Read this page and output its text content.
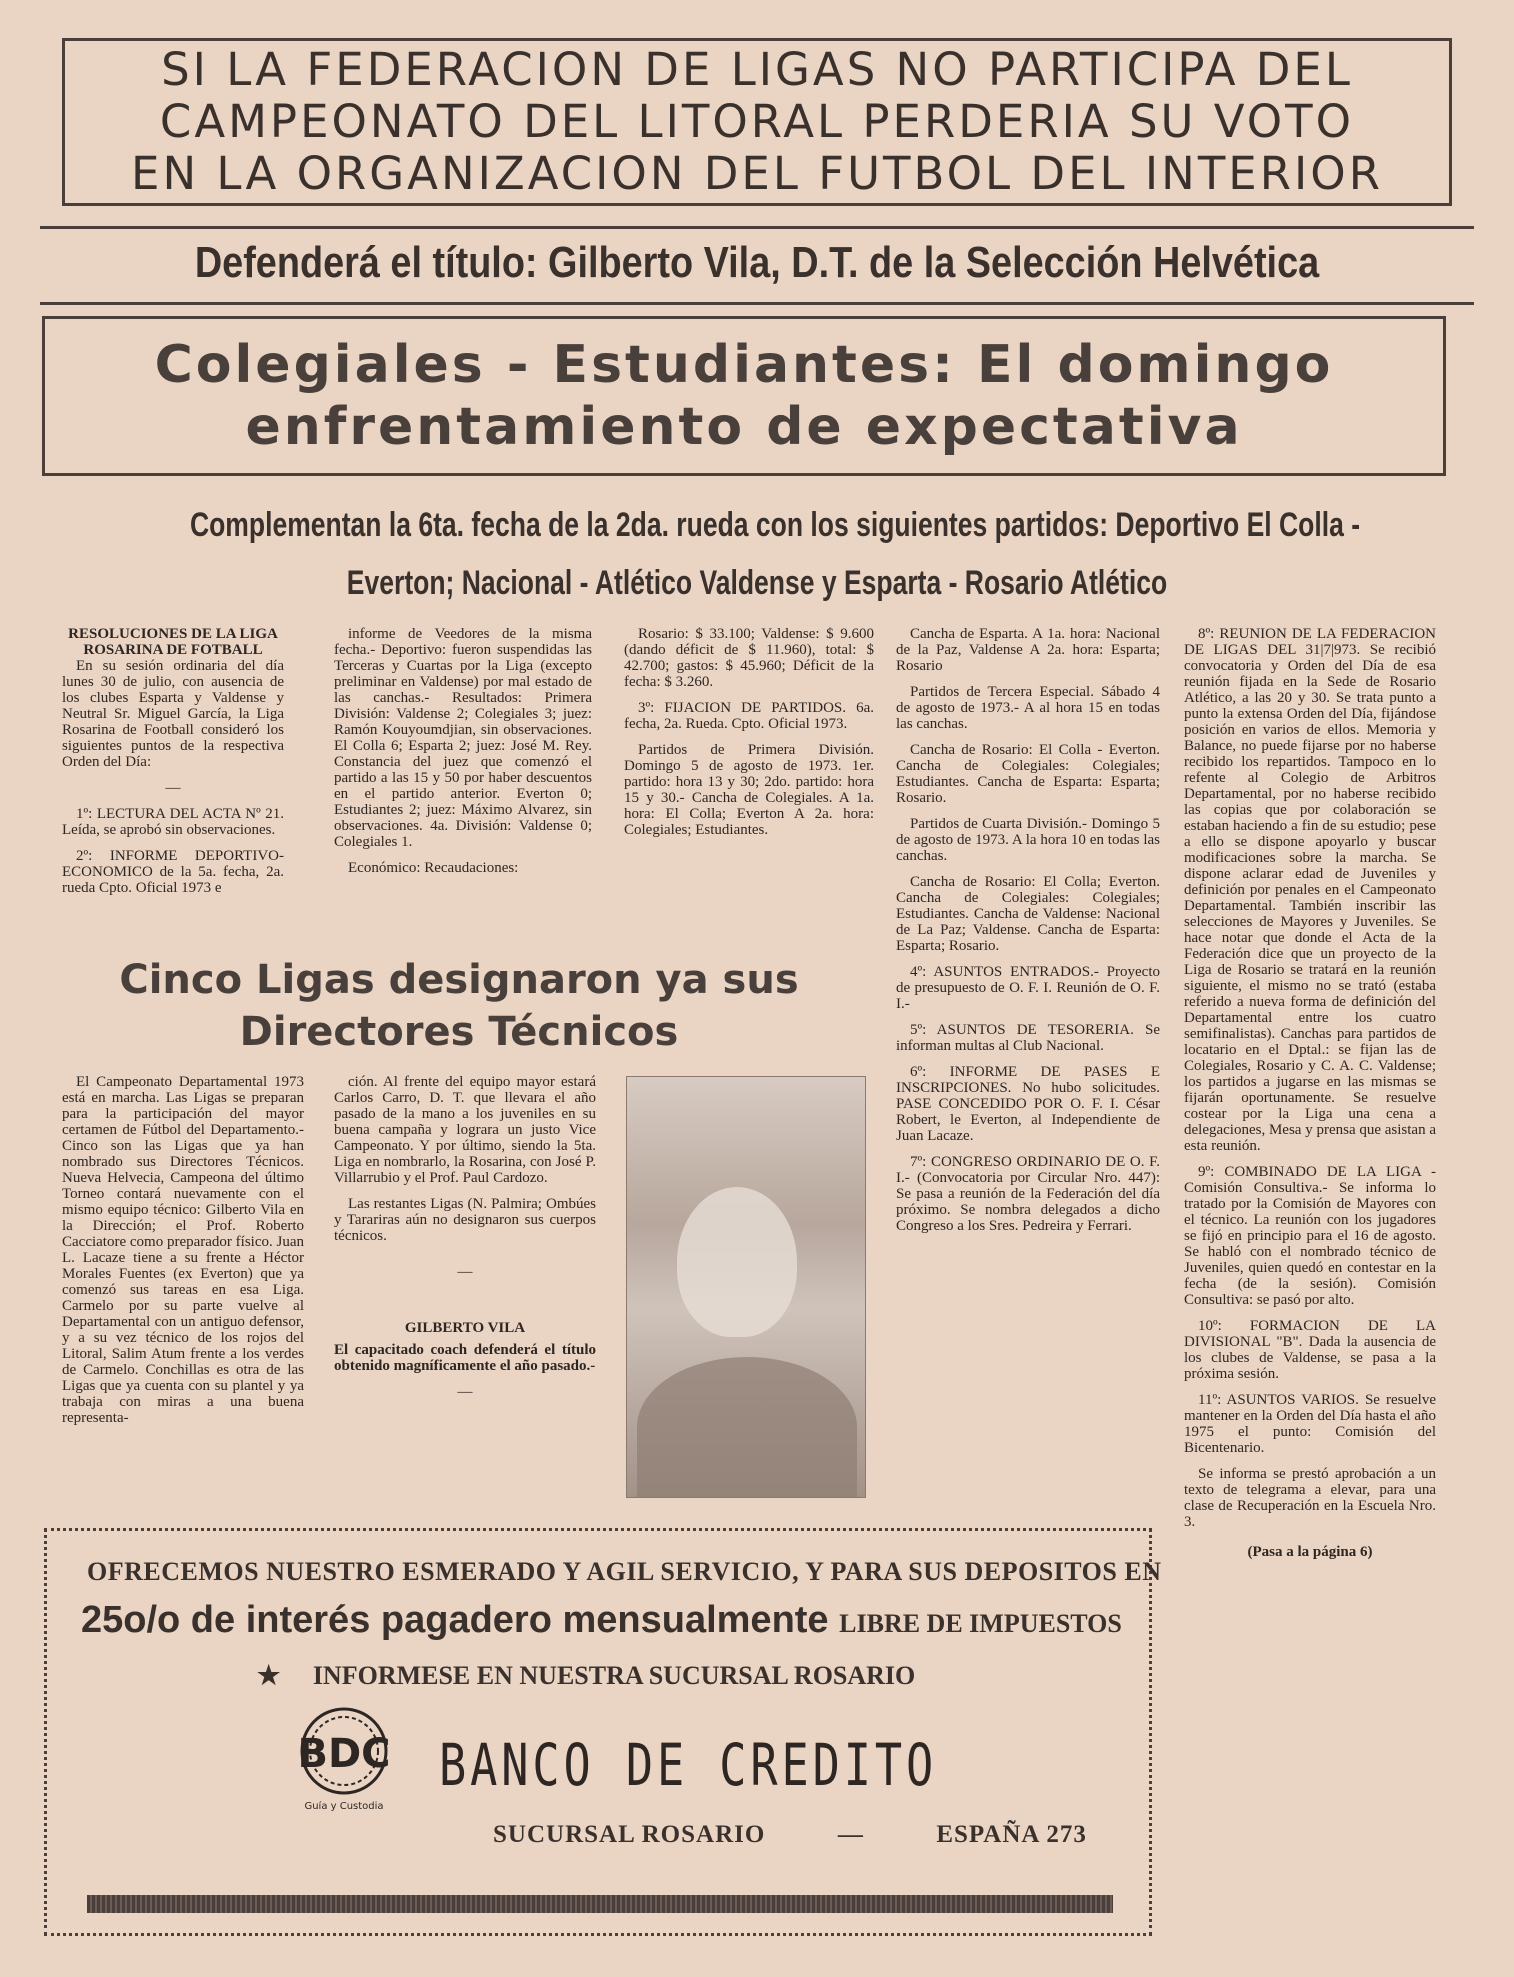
SI LA FEDERACION DE LIGAS NO PARTICIPA DEL
CAMPEONATO DEL LITORAL PERDERIA SU VOTO
EN LA ORGANIZACION DEL FUTBOL DEL INTERIOR
Defenderá el título: Gilberto Vila, D.T. de la Selección Helvética
Colegiales - Estudiantes: El domingo
enfrentamiento de expectativa
Complementan la 6ta. fecha de la 2da. rueda con los siguientes partidos: Deportivo El Colla -
Everton; Nacional - Atlético Valdense y Esparta - Rosario Atlético

RESOLUCIONES DE LA LIGA ROSARINA DE FOTBALL

En su sesión ordinaria del día lunes 30 de julio, con ausencia de los clubes Esparta y Valdense y Neutral Sr. Miguel García, la Liga Rosarina de Football consideró los siguientes puntos de la respectiva Orden del Día:

—

1º: LECTURA DEL ACTA Nº 21. Leída, se aprobó sin observaciones.

2º: INFORME DEPORTIVO-ECONOMICO de la 5a. fecha, 2a. rueda Cpto. Oficial 1973 e

informe de Veedores de la misma fecha.- Deportivo: fueron suspendidas las Terceras y Cuartas por la Liga (excepto preliminar en Valdense) por mal estado de las canchas.- Resultados: Primera División: Valdense 2; Colegiales 3; juez: Ramón Kouyoumdjian, sin observaciones. El Colla 6; Esparta 2; juez: José M. Rey. Constancia del juez que comenzó el partido a las 15 y 50 por haber descuentos en el partido anterior. Everton 0; Estudiantes 2; juez: Máximo Alvarez, sin observaciones. 4a. División: Valdense 0; Colegiales 1.

Económico: Recaudaciones:

Rosario: $ 33.100; Valdense: $ 9.600 (dando déficit de $ 11.960), total: $ 42.700; gastos: $ 45.960; Déficit de la fecha: $ 3.260.

3º: FIJACION DE PARTIDOS. 6a. fecha, 2a. Rueda. Cpto. Oficial 1973.

Partidos de Primera División. Domingo 5 de agosto de 1973. 1er. partido: hora 13 y 30; 2do. partido: hora 15 y 30.- Cancha de Colegiales. A 1a. hora: El Colla; Everton A 2a. hora: Colegiales; Estudiantes.

Cancha de Esparta. A 1a. hora: Nacional de la Paz, Valdense A 2a. hora: Esparta; Rosario

Partidos de Tercera Especial. Sábado 4 de agosto de 1973.- A al hora 15 en todas las canchas.

Cancha de Rosario: El Colla - Everton. Cancha de Colegiales: Colegiales; Estudiantes. Cancha de Esparta: Esparta; Rosario.

Partidos de Cuarta División.- Domingo 5 de agosto de 1973. A la hora 10 en todas las canchas.

Cancha de Rosario: El Colla; Everton. Cancha de Colegiales: Colegiales; Estudiantes. Cancha de Valdense: Nacional de La Paz; Valdense. Cancha de Esparta: Esparta; Rosario.

4º: ASUNTOS ENTRADOS.- Proyecto de presupuesto de O. F. I. Reunión de O. F. I.-

5º: ASUNTOS DE TESORERIA. Se informan multas al Club Nacional.

6º: INFORME DE PASES E INSCRIPCIONES. No hubo solicitudes. PASE CONCEDIDO POR O. F. I. César Robert, le Everton, al Independiente de Juan Lacaze.

7º: CONGRESO ORDINARIO DE O. F. I.- (Convocatoria por Circular Nro. 447): Se pasa a reunión de la Federación del día próximo. Se nombra delegados a dicho Congreso a los Sres. Pedreira y Ferrari.

8º: REUNION DE LA FEDERACION DE LIGAS DEL 31|7|973. Se recibió convocatoria y Orden del Día de esa reunión fijada en la Sede de Rosario Atlético, a las 20 y 30. Se trata punto a punto la extensa Orden del Día, fijándose posición en varios de ellos. Memoria y Balance, no puede fijarse por no haberse recibido los repartidos. Tampoco en lo refente al Colegio de Arbitros Departamental, por no haberse recibido las copias que por colaboración se estaban haciendo a fin de su estudio; pese a ello se dispone apoyarlo y buscar modificaciones sobre la marcha. Se dispone aclarar edad de Juveniles y definición por penales en el Campeonato Departamental. También inscribir las selecciones de Mayores y Juveniles. Se hace notar que donde el Acta de la Federación dice que un proyecto de la Liga de Rosario se tratará en la reunión siguiente, el mismo no se trató (estaba referido a nueva forma de definición del Departamental entre los cuatro semifinalistas). Canchas para partidos de locatario en el Dptal.: se fijan las de Colegiales, Rosario y C. A. C. Valdense; los partidos a jugarse en las mismas se fijarán oportunamente. Se resuelve costear por la Liga una cena a delegaciones, Mesa y prensa que asistan a esta reunión.

9º: COMBINADO DE LA LIGA - Comisión Consultiva.- Se informa lo tratado por la Comisión de Mayores con el técnico. La reunión con los jugadores se fijó en principio para el 16 de agosto. Se habló con el nombrado técnico de Juveniles, quien quedó en contestar en la fecha (de la sesión). Comisión Consultiva: se pasó por alto.

10º: FORMACION DE LA DIVISIONAL "B". Dada la ausencia de los clubes de Valdense, se pasa a la próxima sesión.

11º: ASUNTOS VARIOS. Se resuelve mantener en la Orden del Día hasta el año 1975 el punto: Comisión del Bicentenario.

Se informa se prestó aprobación a un texto de telegrama a elevar, para una clase de Recuperación en la Escuela Nro. 3.

(Pasa a la página 6)

Cinco Ligas designaron ya sus
Directores Técnicos

El Campeonato Departamental 1973 está en marcha. Las Ligas se preparan para la participación del mayor certamen de Fútbol del Departamento.- Cinco son las Ligas que ya han nombrado sus Directores Técnicos. Nueva Helvecia, Campeona del último Torneo contará nuevamente con el mismo equipo técnico: Gilberto Vila en la Dirección; el Prof. Roberto Cacciatore como preparador físico. Juan L. Lacaze tiene a su frente a Héctor Morales Fuentes (ex Everton) que ya comenzó sus tareas en esa Liga. Carmelo por su parte vuelve al Departamental con un antiguo defensor, y a su vez técnico de los rojos del Litoral, Salim Atum frente a los verdes de Carmelo. Conchillas es otra de las Ligas que ya cuenta con su plantel y ya trabaja con miras a una buena representa-

ción. Al frente del equipo mayor estará Carlos Carro, D. T. que llevara el año pasado de la mano a los juveniles en su buena campaña y lograra un justo Vice Campeonato. Y por último, siendo la 5ta. Liga en nombrarlo, la Rosarina, con José P. Villarrubio y el Prof. Paul Cardozo.

Las restantes Ligas (N. Palmira; Ombúes y Tarariras aún no designaron sus cuerpos técnicos.

—

GILBERTO VILA

El capacitado coach defenderá el título obtenido magníficamente el año pasado.-

—

OFRECEMOS NUESTRO ESMERADO Y AGIL SERVICIO, Y PARA SUS DEPOSITOS EN
25o/o de interés pagadero mensualmente LIBRE DE IMPUESTOS
★ INFORMESE EN NUESTRA SUCURSAL ROSARIO
BDC
Guía y Custodia
BANCO DE CREDITO
SUCURSAL ROSARIO	—	ESPAÑA 273
